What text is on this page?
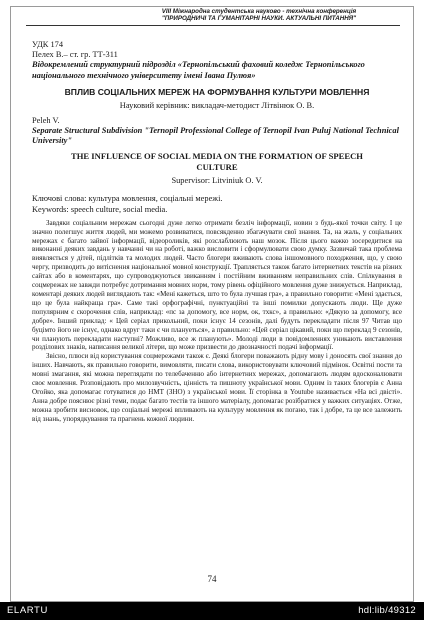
VIII Міжнародна студентська науково - технічна конференція
"ПРИРОДНИЧІ ТА ГУМАНІТАРНІ НАУКИ. АКТУАЛЬНІ ПИТАННЯ"

УДК 174

Пелех В.– ст. гр. ТТ-311

Відокремлений структурний підрозділ «Тернопільський фаховий коледж Тернопільського національного технічного університету імені Івана Пулюя»

ВПЛИВ СОЦІАЛЬНИХ МЕРЕЖ НА ФОРМУВАННЯ КУЛЬТУРИ МОВЛЕННЯ

Науковий керівник: викладач-методист Літвінюк О. В.

Peleh V.

Separate Structural Subdivision "Ternopil Professional College of Ternopil Ivan Puluj National Technical University"

THE INFLUENCE OF SOCIAL MEDIA ON THE FORMATION OF SPEECH CULTURE

Supervisor: Litviniuk O. V.

Ключові слова: культура мовлення, соціальні мережі.

Keywords: speech culture, social media.

Завдяки соціальним мережам сьогодні дуже легко отримати безліч інформації, новин з будь-якої точки світу. І це значно полегшує життя людей, ми можемо розвиватися, повсякденно збагачувати свої знання. Та, на жаль, у соціальних мережах є багато зайвої інформації, відеороликів, які розслаблюють наш мозок. Після цього важко зосередитися на виконанні деяких завдань у навчанні чи на роботі, важко висловити і сформулювати свою думку. Зазвичай така проблема виявляється у дітей, підлітків та молодих людей. Часто блогери вживають слова іншомовного походження, що, у свою чергу, призводить до витіснення національної мовної конструкції. Трапляється також багато інтернетних текстів на різних сайтах або в коментарях, що супроводжуються звиканням і постійним вживанням неправильних слів. Спілкування в соцмережах не завжди потребує дотримання мовних норм, тому рівень офіційного мовлення дуже знижується. Наприклад, коментарі деяких людей виглядають так: «Мені кажеться, што то була лучшая гра», а правильно говорити: «Мені здається, що це була найкраща гра». Саме такі орфографічні, пунктуаційні та інші помилки допускають люди. Ще дуже популярним є скорочення слів, наприклад: «пс за допомогу, все норм, ок, тхкс», а правильно: «Дякую за допомогу, все добре». Інший приклад: « Цей серіал прикольний, поки існує 14 сезонів, далі будуть перекладати після 97 Читав що буцімто його не існує, однако вдруг таки є чи плануеться», а правильно: «Цей серіал цікавий, поки що переклад 9 сезонів, чи планують перекладати наступні? Можливо, все ж планують». Молоді люди в повідомленнях уникають виставлення розділових знаків, написання великої літери, що може призвести до двозначності подачі інформації.

Звісно, плюси від користування соцмережами також є. Деякі блогери поважають рідну мову і доносять свої знання до інших. Навчають, як правильно говорити, вимовляти, писати слова, використовувати ключовий підмінок. Освітні пости та мовні змагання, які можна переглядати по телебаченню або інтернетних мережах, допомагають людям вдосконалювати своє мовлення. Розповідають про милозвучність, цінність та пишноту української мови. Одним із таких блогерів є Анна Огойко, яка допомагає готуватися до НМТ (ЗНО) з української мови. Її сторінка в Youtube називається «На всі двісті». Анна добре пояснює різні теми, подає багато тестів та іншого матеріалу, допомагає розібратися у важких ситуаціях. Отже, можна зробити висновок, що соціальні мережі впливають на культуру мовлення як погано, так і добре, та це все залежить від знань, упорядкування та прагнень кожної людини.

74
ELARTU	hdl:lib/49312
